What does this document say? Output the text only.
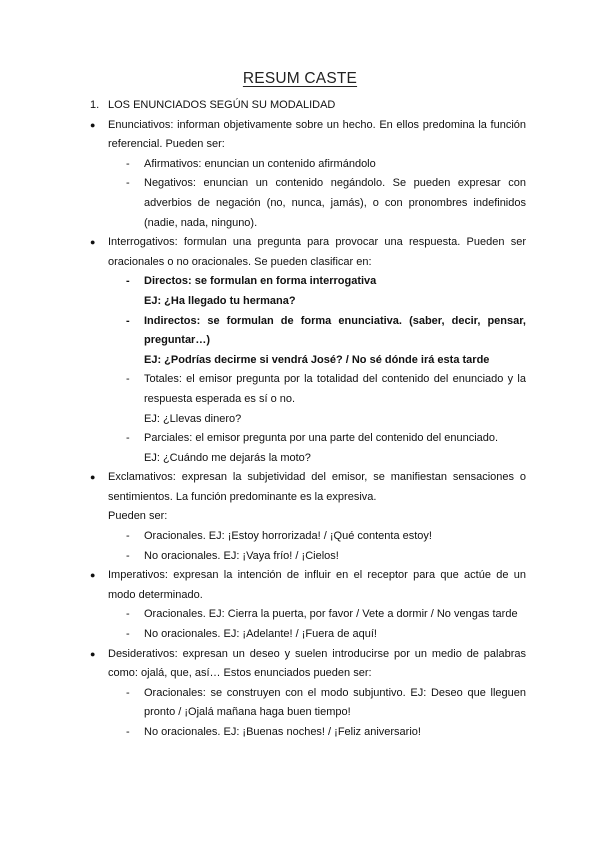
RESUM CASTE
1. LOS ENUNCIADOS SEGÚN SU MODALIDAD
●	Enunciativos: informan objetivamente sobre un hecho. En ellos predomina la función
referencial. Pueden ser:
- Afirmativos: enuncian un contenido afirmándolo
- Negativos: enuncian un contenido negándolo. Se pueden expresar con
adverbios de negación (no, nunca, jamás), o con pronombres indefinidos
(nadie, nada, ninguno).
●	Interrogativos: formulan una pregunta para provocar una respuesta. Pueden ser
oracionales o no oracionales. Se pueden clasificar en:
- Directos: se formulan en forma interrogativa
EJ: ¿Ha llegado tu hermana?
- Indirectos: se formulan de forma enunciativa. (saber, decir, pensar,
preguntar…)
EJ: ¿Podrías decirme si vendrá José? / No sé dónde irá esta tarde
- Totales: el emisor pregunta por la totalidad del contenido del enunciado y la
respuesta esperada es sí o no.
EJ: ¿Llevas dinero?
- Parciales: el emisor pregunta por una parte del contenido del enunciado.
EJ: ¿Cuándo me dejarás la moto?
●	Exclamativos: expresan la subjetividad del emisor, se manifiestan sensaciones o
sentimientos. La función predominante es la expresiva.
Pueden ser:
- Oracionales. EJ: ¡Estoy horrorizada! / ¡Qué contenta estoy!
- No oracionales. EJ: ¡Vaya frío! / ¡Cielos!
●	Imperativos: expresan la intención de influir en el receptor para que actúe de un
modo determinado.
- Oracionales. EJ: Cierra la puerta, por favor / Vete a dormir / No vengas tarde
- No oracionales. EJ: ¡Adelante! / ¡Fuera de aquí!
●	Desiderativos: expresan un deseo y suelen introducirse por un medio de palabras
como: ojalá, que, así… Estos enunciados pueden ser:
- Oracionales: se construyen con el modo subjuntivo. EJ: Deseo que lleguen
pronto / ¡Ojalá mañana haga buen tiempo!
- No oracionales. EJ: ¡Buenas noches! / ¡Feliz aniversario!
